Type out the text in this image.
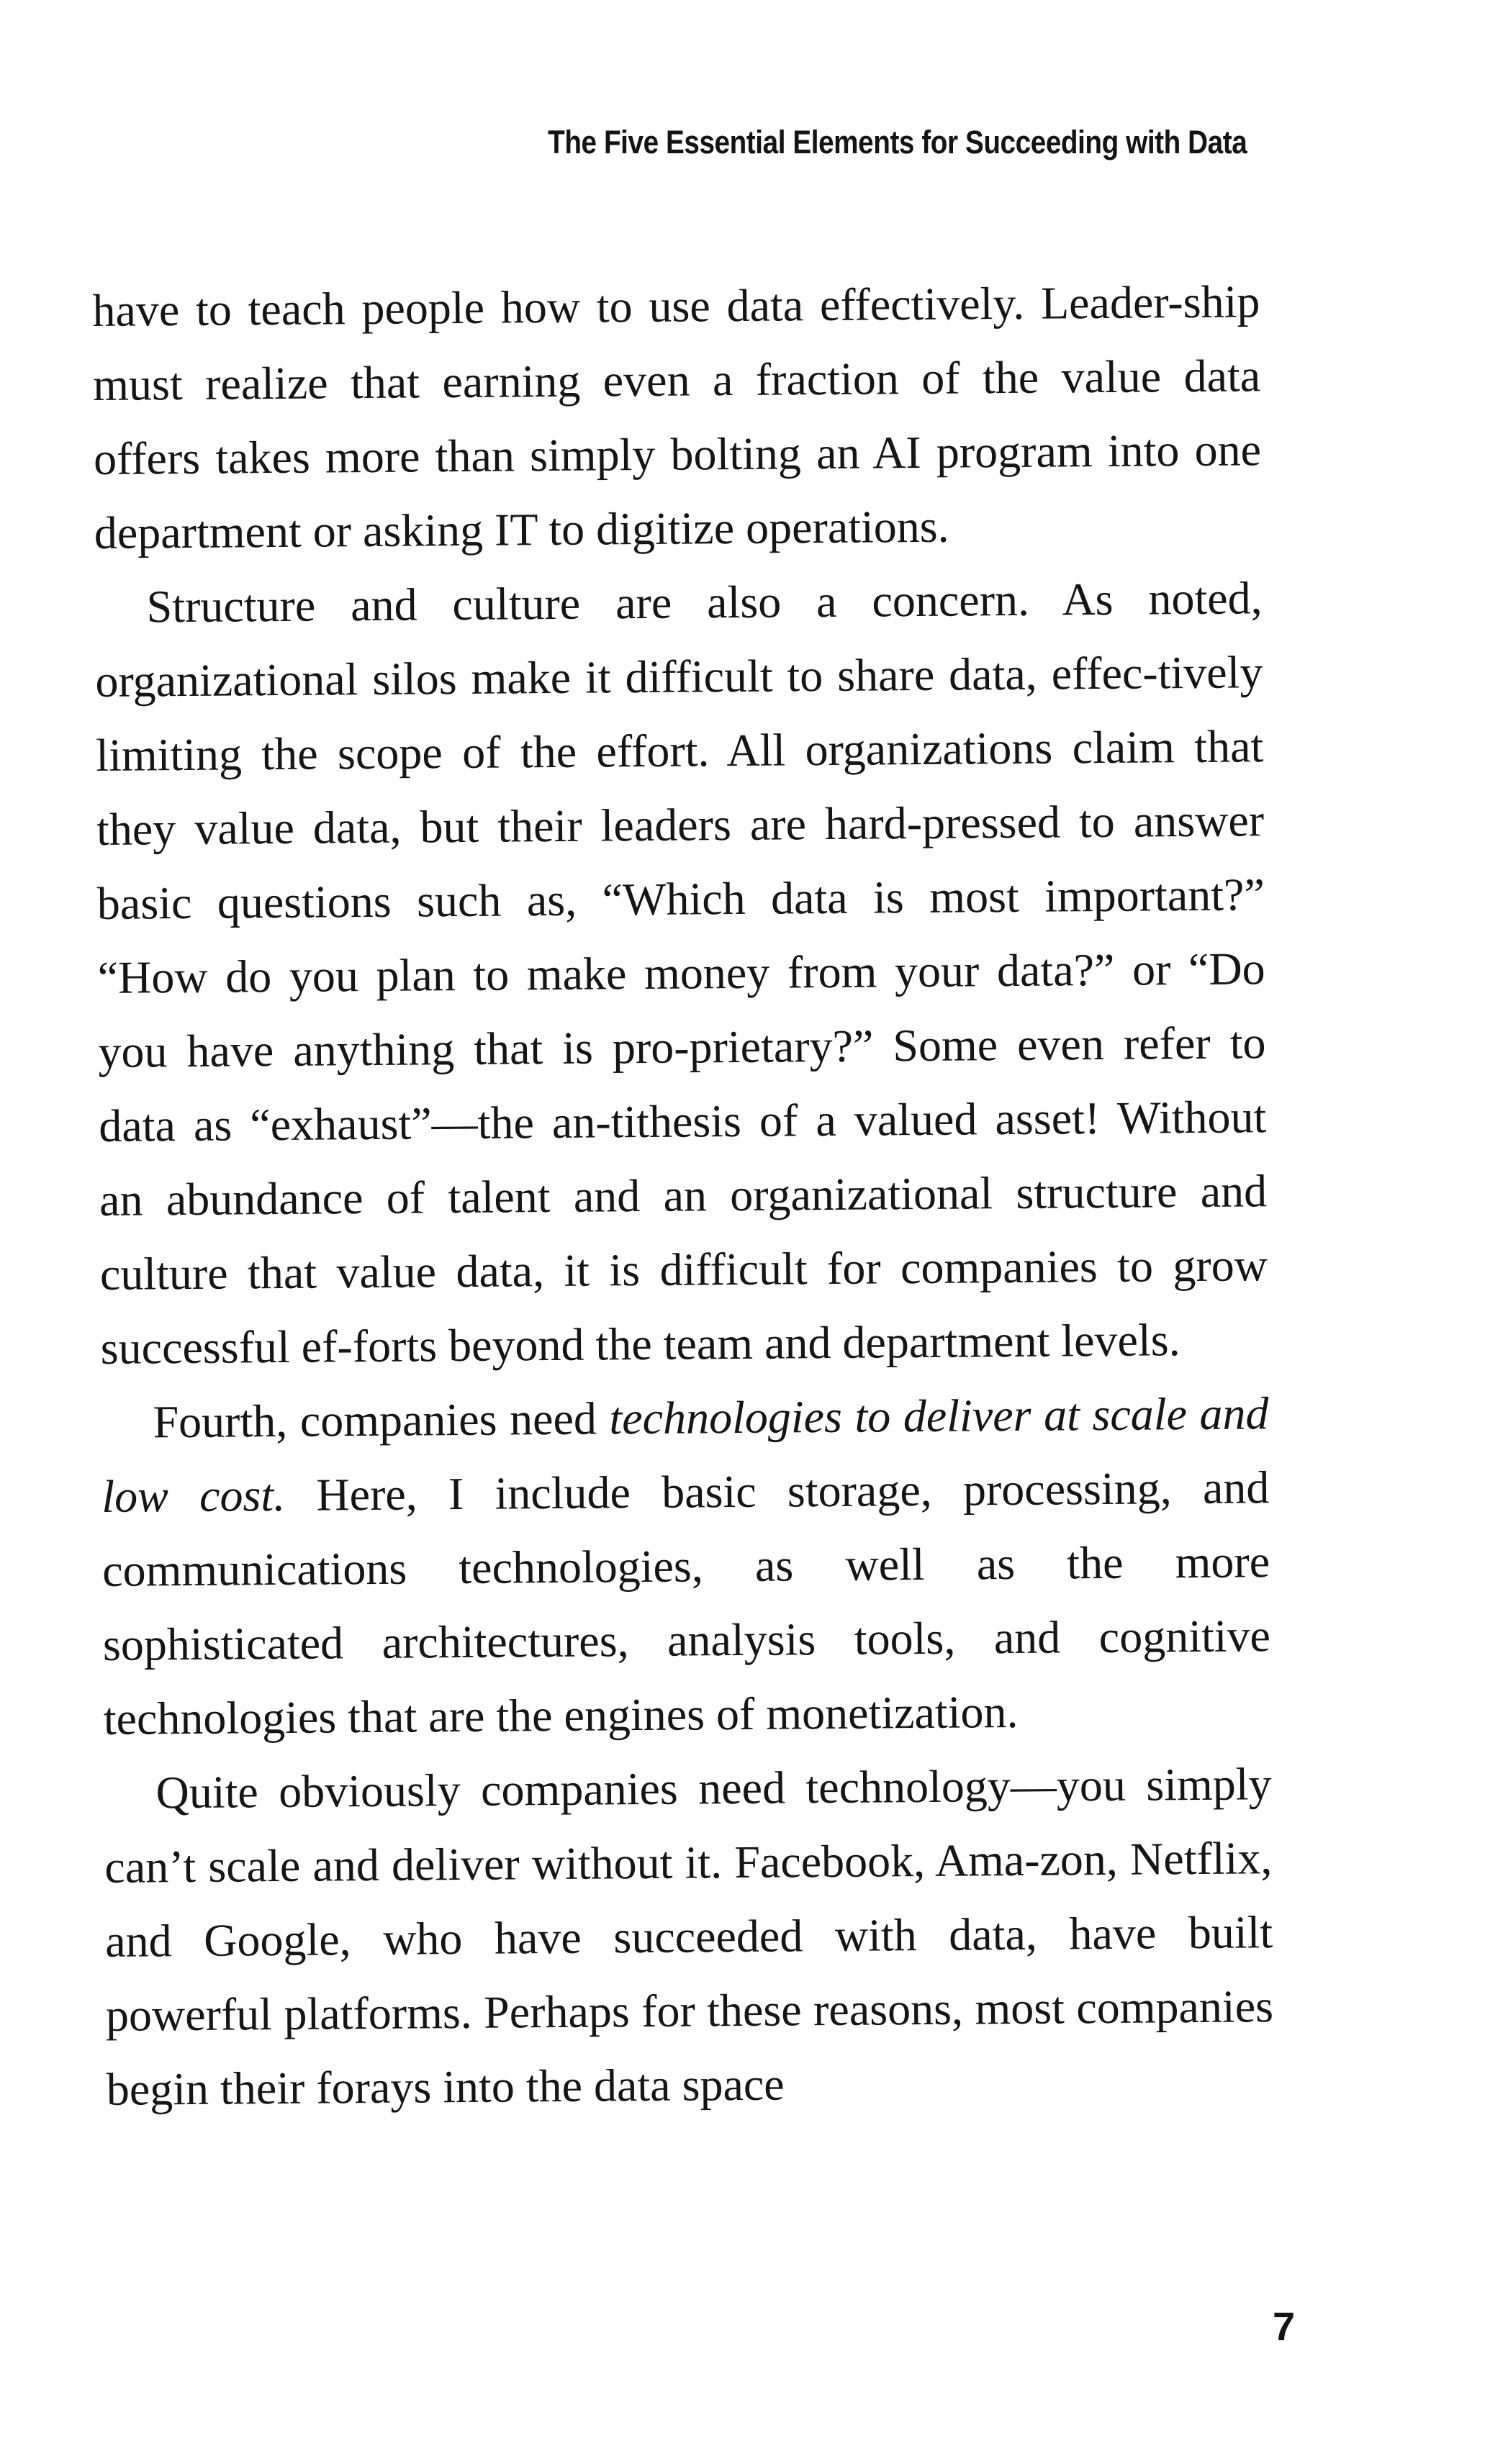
The Five Essential Elements for Succeeding with Data

have to teach people how to use data effectively. Leader-ship must realize that earning even a fraction of the value data offers takes more than simply bolting an AI program into one department or asking IT to digitize operations.

Structure and culture are also a concern. As noted, organizational silos make it difficult to share data, effec-tively limiting the scope of the effort. All organizations claim that they value data, but their leaders are hard-pressed to answer basic questions such as, “Which data is most important?” “How do you plan to make money from your data?” or “Do you have anything that is pro-prietary?” Some even refer to data as “exhaust”—the an-tithesis of a valued asset! Without an abundance of talent and an organizational structure and culture that value data, it is difficult for companies to grow successful ef-forts beyond the team and department levels.

Fourth, companies need technologies to deliver at scale and low cost. Here, I include basic storage, processing, and communications technologies, as well as the more sophisticated architectures, analysis tools, and cognitive technologies that are the engines of monetization.

Quite obviously companies need technology—you simply can’t scale and deliver without it. Facebook, Ama-zon, Netflix, and Google, who have succeeded with data, have built powerful platforms. Perhaps for these reasons, most companies begin their forays into the data space

7
